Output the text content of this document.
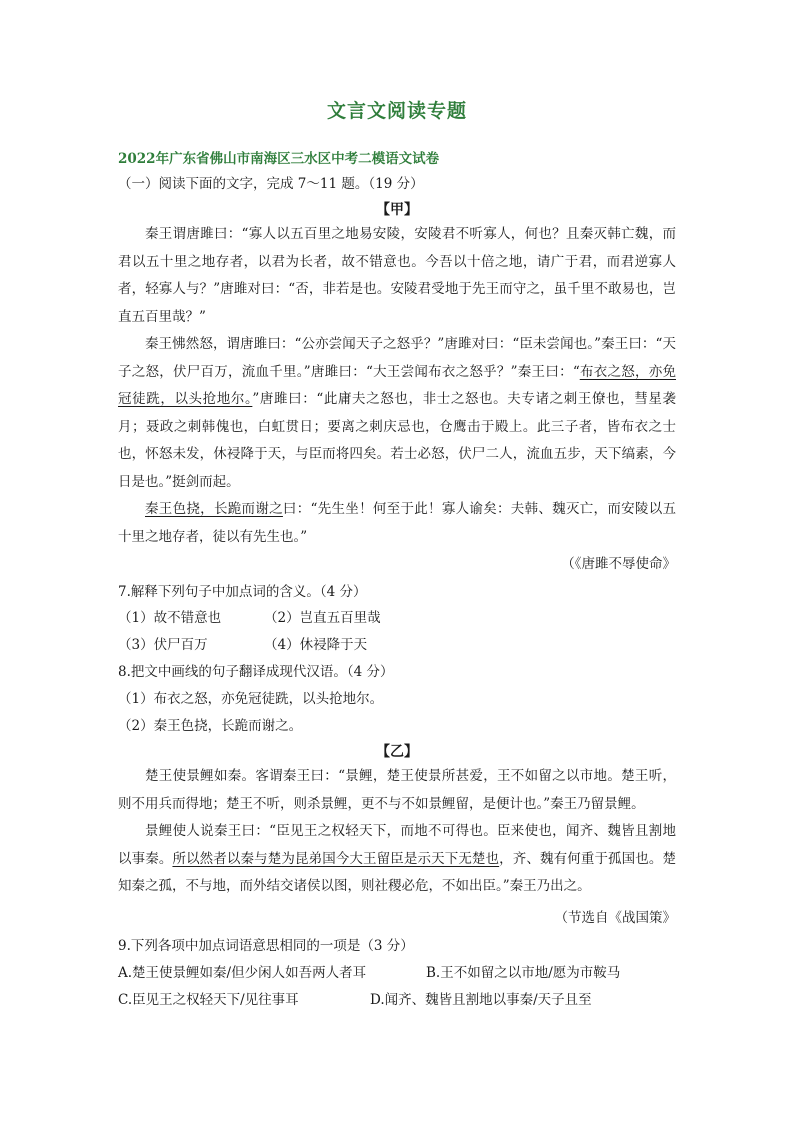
文言文阅读专题
2022年广东省佛山市南海区三水区中考二模语文试卷
（一）阅读下面的文字，完成 7～11 题。（19 分）
【甲】

秦王谓唐雎曰：“寡人以五百里之地易安陵，安陵君不听寡人，何也？且秦灭韩亡魏，而君以五十里之地存者，以君为长者，故不错意也。今吾以十倍之地，请广于君，而君逆寡人者，轻寡人与？”唐雎对曰：“否，非若是也。安陵君受地于先王而守之，虽千里不敢易也，岂直五百里哉？”

秦王怫然怒，谓唐雎曰：“公亦尝闻天子之怒乎？”唐雎对曰：“臣未尝闻也。”秦王曰：“天子之怒，伏尸百万，流血千里。”唐雎曰：“大王尝闻布衣之怒乎？”秦王曰：“布衣之怒，亦免冠徒跣，以头抢地尔。”唐雎曰：“此庸夫之怒也，非士之怒也。夫专诸之刺王僚也，彗星袭月；聂政之刺韩傀也，白虹贯日；要离之刺庆忌也，仓鹰击于殿上。此三子者，皆布衣之士也，怀怒未发，休祲降于天，与臣而将四矣。若士必怒，伏尸二人，流血五步，天下缟素，今日是也。”挺剑而起。

秦王色挠，长跪而谢之曰：“先生坐！何至于此！寡人谕矣：夫韩、魏灭亡，而安陵以五十里之地存者，徒以有先生也。”

（《唐雎不辱使命》
7.解释下列句子中加点词的含义。（4 分）
（1）故不错意也	（2）岂直五百里哉
（3）伏尸百万	（4）休祲降于天
8.把文中画线的句子翻译成现代汉语。（4 分）
（1）布衣之怒，亦免冠徒跣，以头抢地尔。
（2）秦王色挠，长跪而谢之。
【乙】

楚王使景鲤如秦。客谓秦王曰：“景鲤，楚王使景所甚爱，王不如留之以市地。楚王听，则不用兵而得地；楚王不听，则杀景鲤，更不与不如景鲤留，是便计也。”秦王乃留景鲤。

景鲤使人说秦王曰：“臣见王之权轻天下，而地不可得也。臣来使也，闻齐、魏皆且割地以事秦。所以然者以秦与楚为昆弟国今大王留臣是示天下无楚也，齐、魏有何重于孤国也。楚知秦之孤，不与地，而外结交诸侯以图，则社稷必危，不如出臣。”秦王乃出之。

（节选自《战国策》
9.下列各项中加点词语意思相同的一项是（3 分）
A.楚王使景鲤如秦/但少闲人如吾两人者耳	B.王不如留之以市地/愿为市鞍马
C.臣见王之权轻天下/见往事耳	D.闻齐、魏皆且割地以事秦/天子且至
